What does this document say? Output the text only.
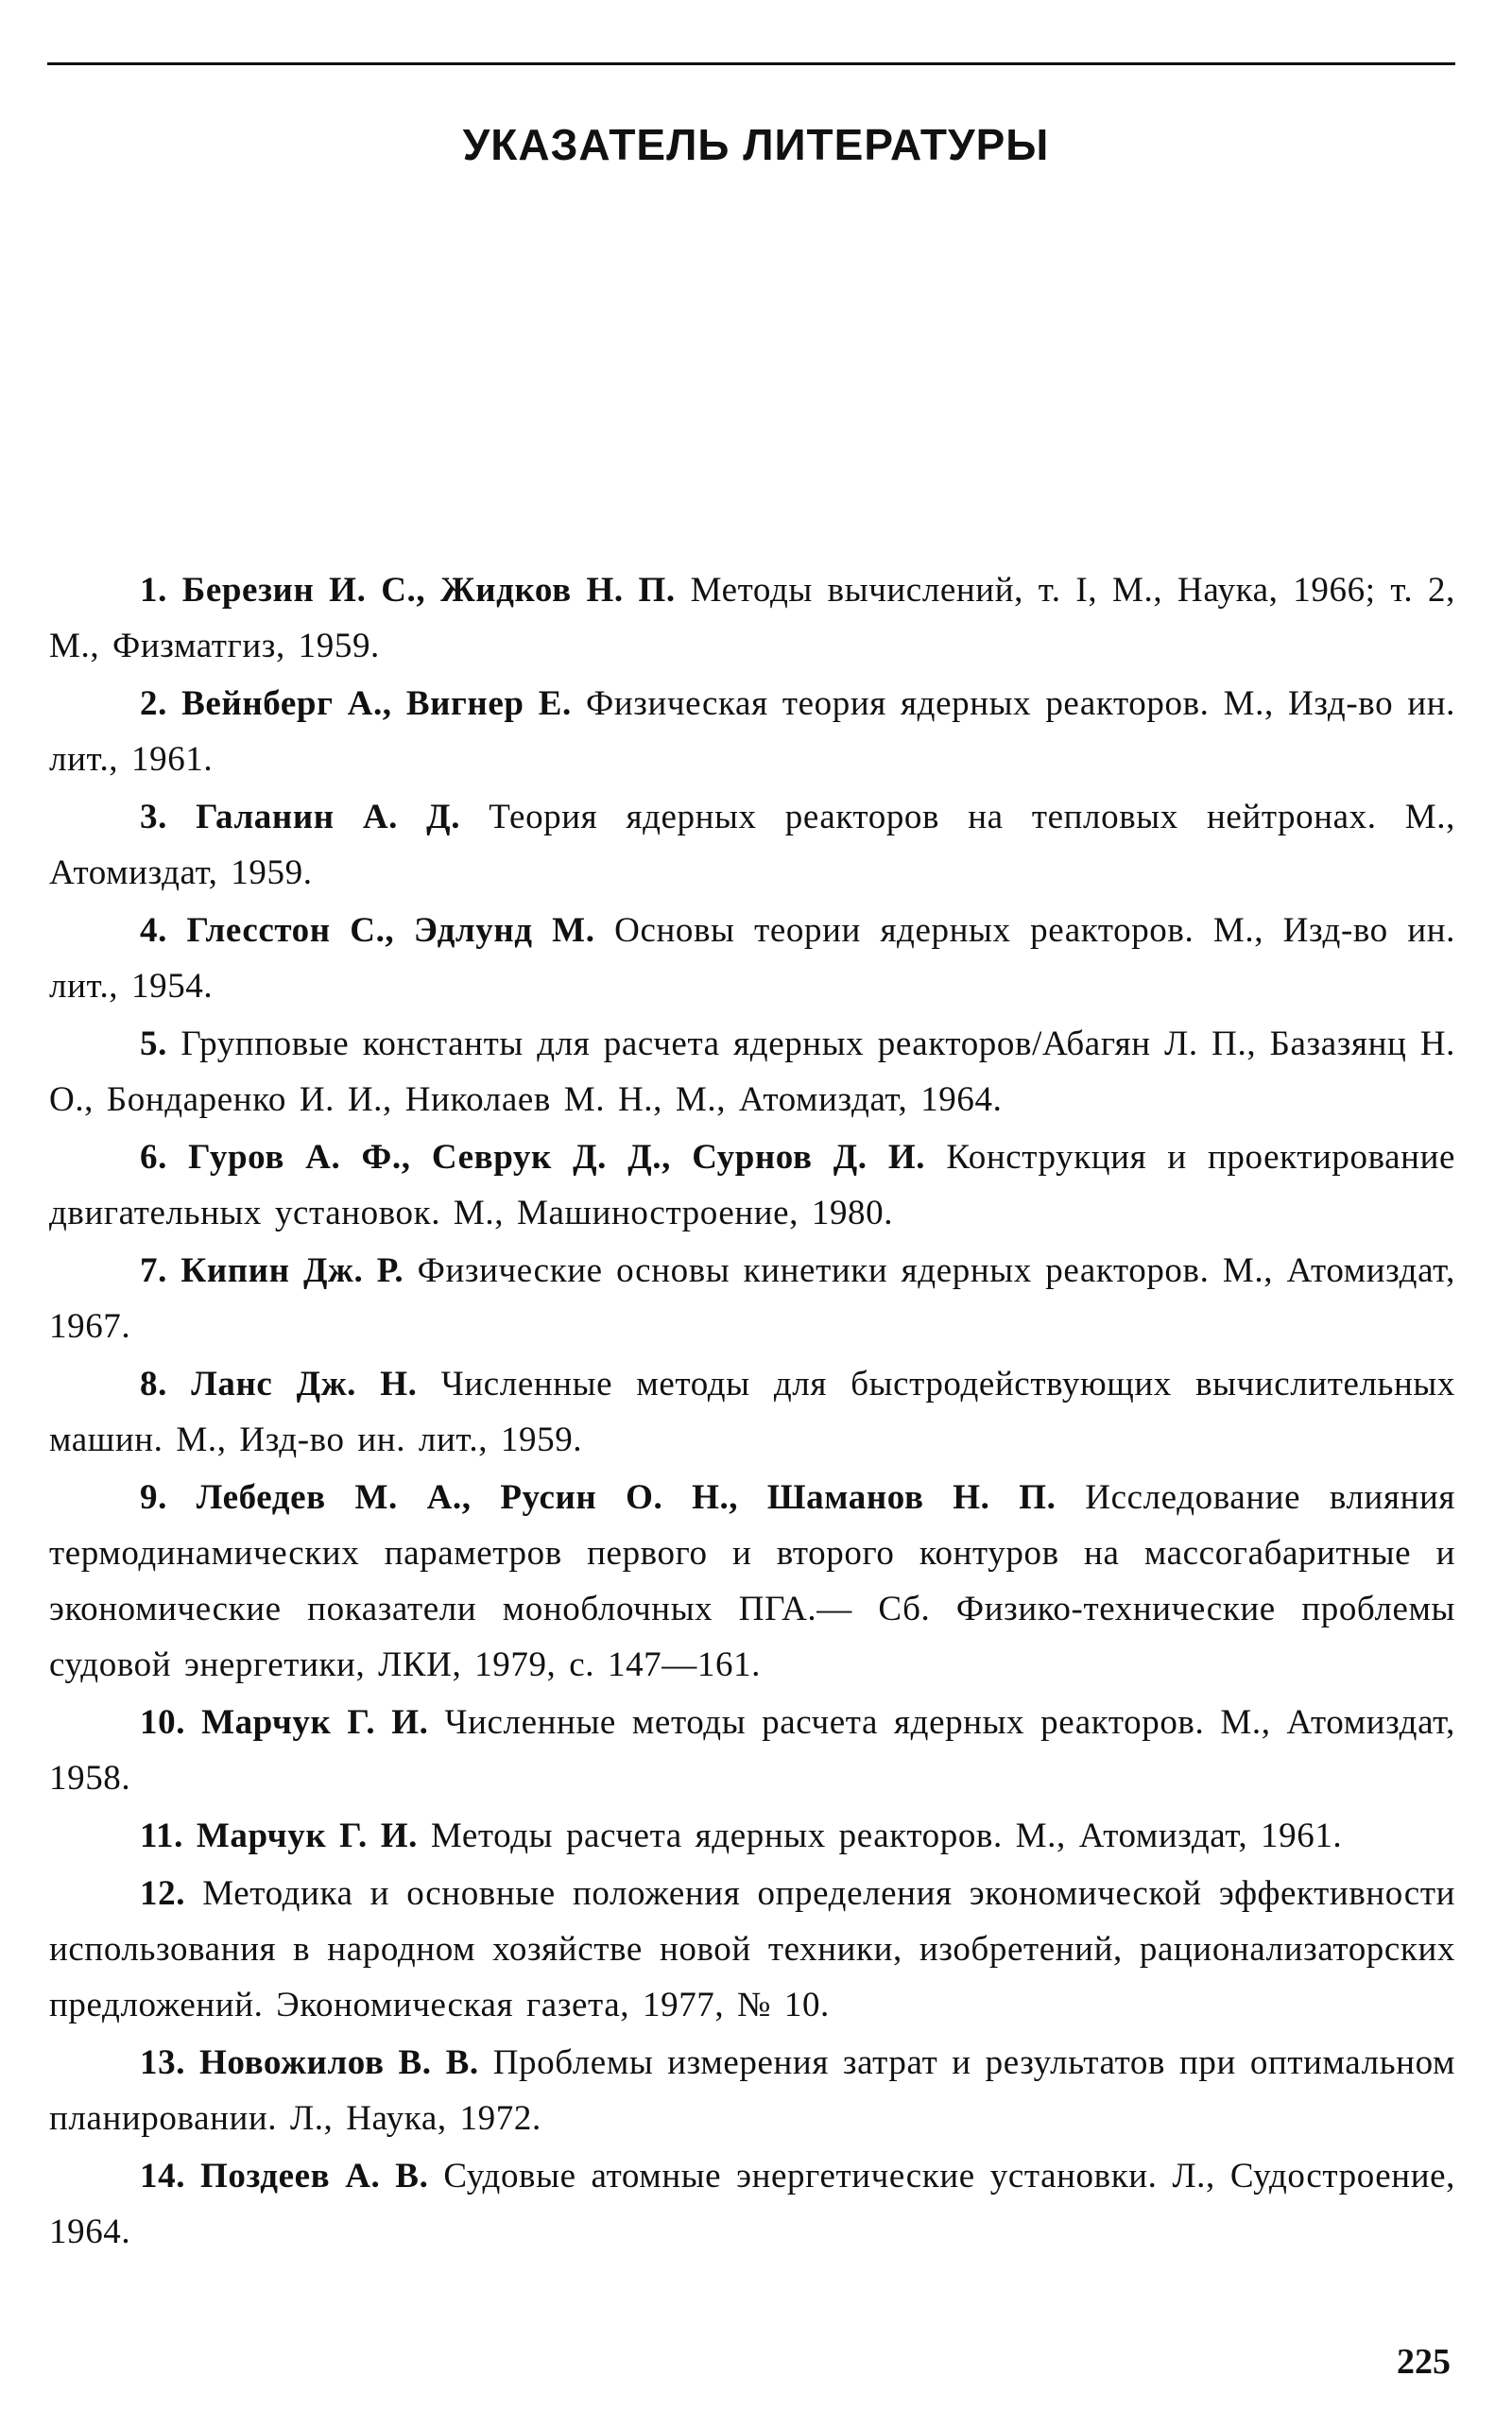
УКАЗАТЕЛЬ ЛИТЕРАТУРЫ
1. Березин И. С., Жидков Н. П. Методы вычислений, т. I, М., Наука, 1966; т. 2, М., Физматгиз, 1959.
2. Вейнберг А., Вигнер Е. Физическая теория ядерных реакторов. М., Изд-во ин. лит., 1961.
3. Галанин А. Д. Теория ядерных реакторов на тепловых нейтронах. М., Атомиздат, 1959.
4. Глесстон С., Эдлунд М. Основы теории ядерных реакторов. М., Изд-во ин. лит., 1954.
5. Групповые константы для расчета ядерных реакторов/Абагян Л. П., Базазянц Н. О., Бондаренко И. И., Николаев М. Н., М., Атомиздат, 1964.
6. Гуров А. Ф., Севрук Д. Д., Сурнов Д. И. Конструкция и проектирование двигательных установок. М., Машиностроение, 1980.
7. Кипин Дж. Р. Физические основы кинетики ядерных реакторов. М., Атомиздат, 1967.
8. Ланс Дж. Н. Численные методы для быстродействующих вычислительных машин. М., Изд-во ин. лит., 1959.
9. Лебедев М. А., Русин О. Н., Шаманов Н. П. Исследование влияния термодинамических параметров первого и второго контуров на массогабаритные и экономические показатели моноблочных ПГА.— Сб. Физико-технические проблемы судовой энергетики, ЛКИ, 1979, с. 147—161.
10. Марчук Г. И. Численные методы расчета ядерных реакторов. М., Атомиздат, 1958.
11. Марчук Г. И. Методы расчета ядерных реакторов. М., Атомиздат, 1961.
12. Методика и основные положения определения экономической эффективности использования в народном хозяйстве новой техники, изобретений, рационализаторских предложений. Экономическая газета, 1977, № 10.
13. Новожилов В. В. Проблемы измерения затрат и результатов при оптимальном планировании. Л., Наука, 1972.
14. Поздеев А. В. Судовые атомные энергетические установки. Л., Судостроение, 1964.
225
